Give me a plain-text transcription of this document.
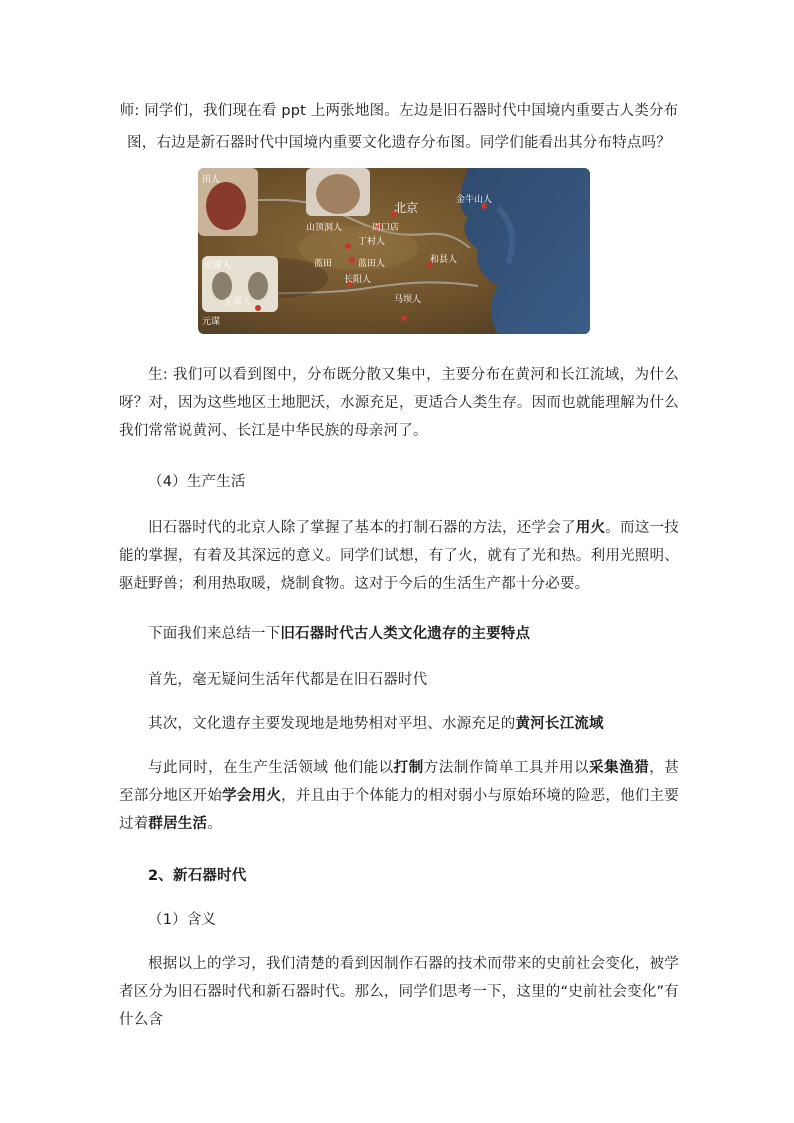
师: 同学们，我们现在看 ppt 上两张地图。左边是旧石器时代中国境内重要古人类分布

图，右边是新石器时代中国境内重要文化遗存分布图。同学们能看出其分布特点吗？

田人
北京
金牛山人
山顶洞人	周口店
丁村人
蓝田	蓝田人	和县人
长阳人
马坝人
元谋人
元谋人
元谋

生: 我们可以看到图中，分布既分散又集中，主要分布在黄河和长江流域，为什么呀？对，因为这些地区土地肥沃，水源充足，更适合人类生存。因而也就能理解为什么我们常常说黄河、长江是中华民族的母亲河了。

（4）生产生活

旧石器时代的北京人除了掌握了基本的打制石器的方法，还学会了用火。而这一技能的掌握，有着及其深远的意义。同学们试想，有了火，就有了光和热。利用光照明、驱赶野兽；利用热取暖，烧制食物。这对于今后的生活生产都十分必要。

下面我们来总结一下旧石器时代古人类文化遗存的主要特点

首先，毫无疑问生活年代都是在旧石器时代

其次，文化遗存主要发现地是地势相对平坦、水源充足的黄河长江流域

与此同时，在生产生活领域 他们能以打制方法制作简单工具并用以采集渔猎，甚至部分地区开始学会用火，并且由于个体能力的相对弱小与原始环境的险恶，他们主要过着群居生活。

2、新石器时代

（1）含义

根据以上的学习，我们清楚的看到因制作石器的技术而带来的史前社会变化，被学者区分为旧石器时代和新石器时代。那么，同学们思考一下，这里的“史前社会变化”有什么含
